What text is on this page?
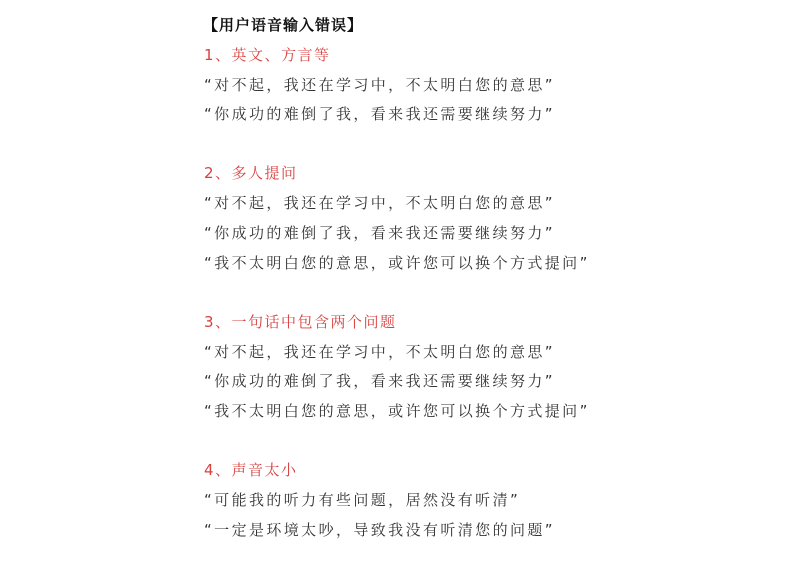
【用户语音输入错误】
1、英文、方言等
“对不起，我还在学习中，不太明白您的意思”
“你成功的难倒了我，看来我还需要继续努力”
2、多人提问
“对不起，我还在学习中，不太明白您的意思”
“你成功的难倒了我，看来我还需要继续努力”
“我不太明白您的意思，或许您可以换个方式提问”
3、一句话中包含两个问题
“对不起，我还在学习中，不太明白您的意思”
“你成功的难倒了我，看来我还需要继续努力”
“我不太明白您的意思，或许您可以换个方式提问”
4、声音太小
“可能我的听力有些问题，居然没有听清”
“一定是环境太吵，导致我没有听清您的问题”
